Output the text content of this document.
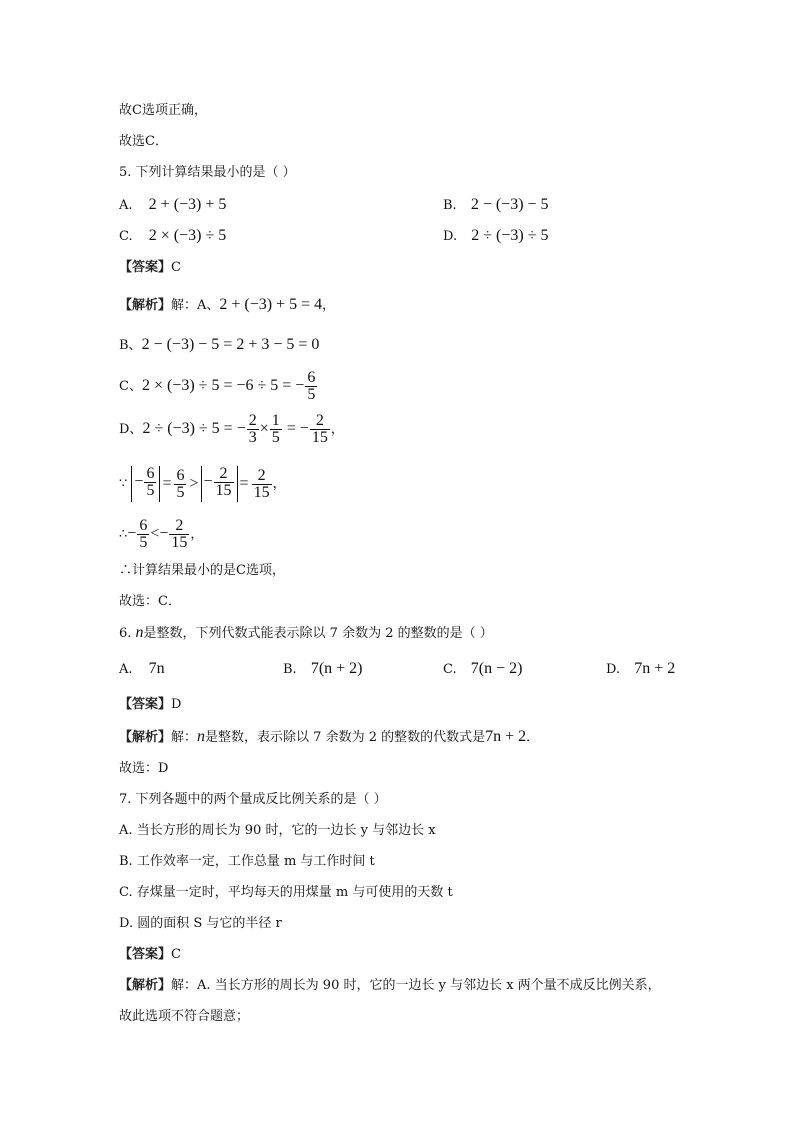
故C选项正确，
故选C．
5. 下列计算结果最小的是（ ）
A. 2 + (−3) + 5	B. 2 − (−3) − 5
C. 2 × (−3) ÷ 5	D. 2 ÷ (−3) ÷ 5
【答案】C
【解析】解：A、2 + (−3) + 5 = 4，
B、2 − (−3) − 5 = 2 + 3 − 5 = 0
C、2 × (−3) ÷ 5 = −6 ÷ 5 = − $\frac{6}{5}$
D、2 ÷ (−3) ÷ 5 = − $\frac{2}{3} \times \frac{1}{5}$ = − $\frac{2}{15}$ ，
∵ − $\frac{6}{5} = \frac{6}{5}$ > − $\frac{2}{15} = \frac{2}{15}$ ，
∴− $\frac{6}{5} <- \frac{2}{15}$ ，
∴计算结果最小的是C选项，
故选：C．
6. n是整数，下列代数式能表示除以 7 余数为 2 的整数的是（ ）
A. 7n	B. 7(n + 2)	C. 7(n − 2)	D. 7n + 2
【答案】D
【解析】解：n是整数，表示除以 7 余数为 2 的整数的代数式是7n + 2．
故选：D
7. 下列各题中的两个量成反比例关系的是（ ）
A. 当长方形的周长为 90 时，它的一边长 y 与邻边长 x
B. 工作效率一定，工作总量 m 与工作时间 t
C. 存煤量一定时，平均每天的用煤量 m 与可使用的天数 t
D. 圆的面积 S 与它的半径 r
【答案】C
【解析】解：A. 当长方形的周长为 90 时，它的一边长 y 与邻边长 x 两个量不成反比例关系，
故此选项不符合题意；
